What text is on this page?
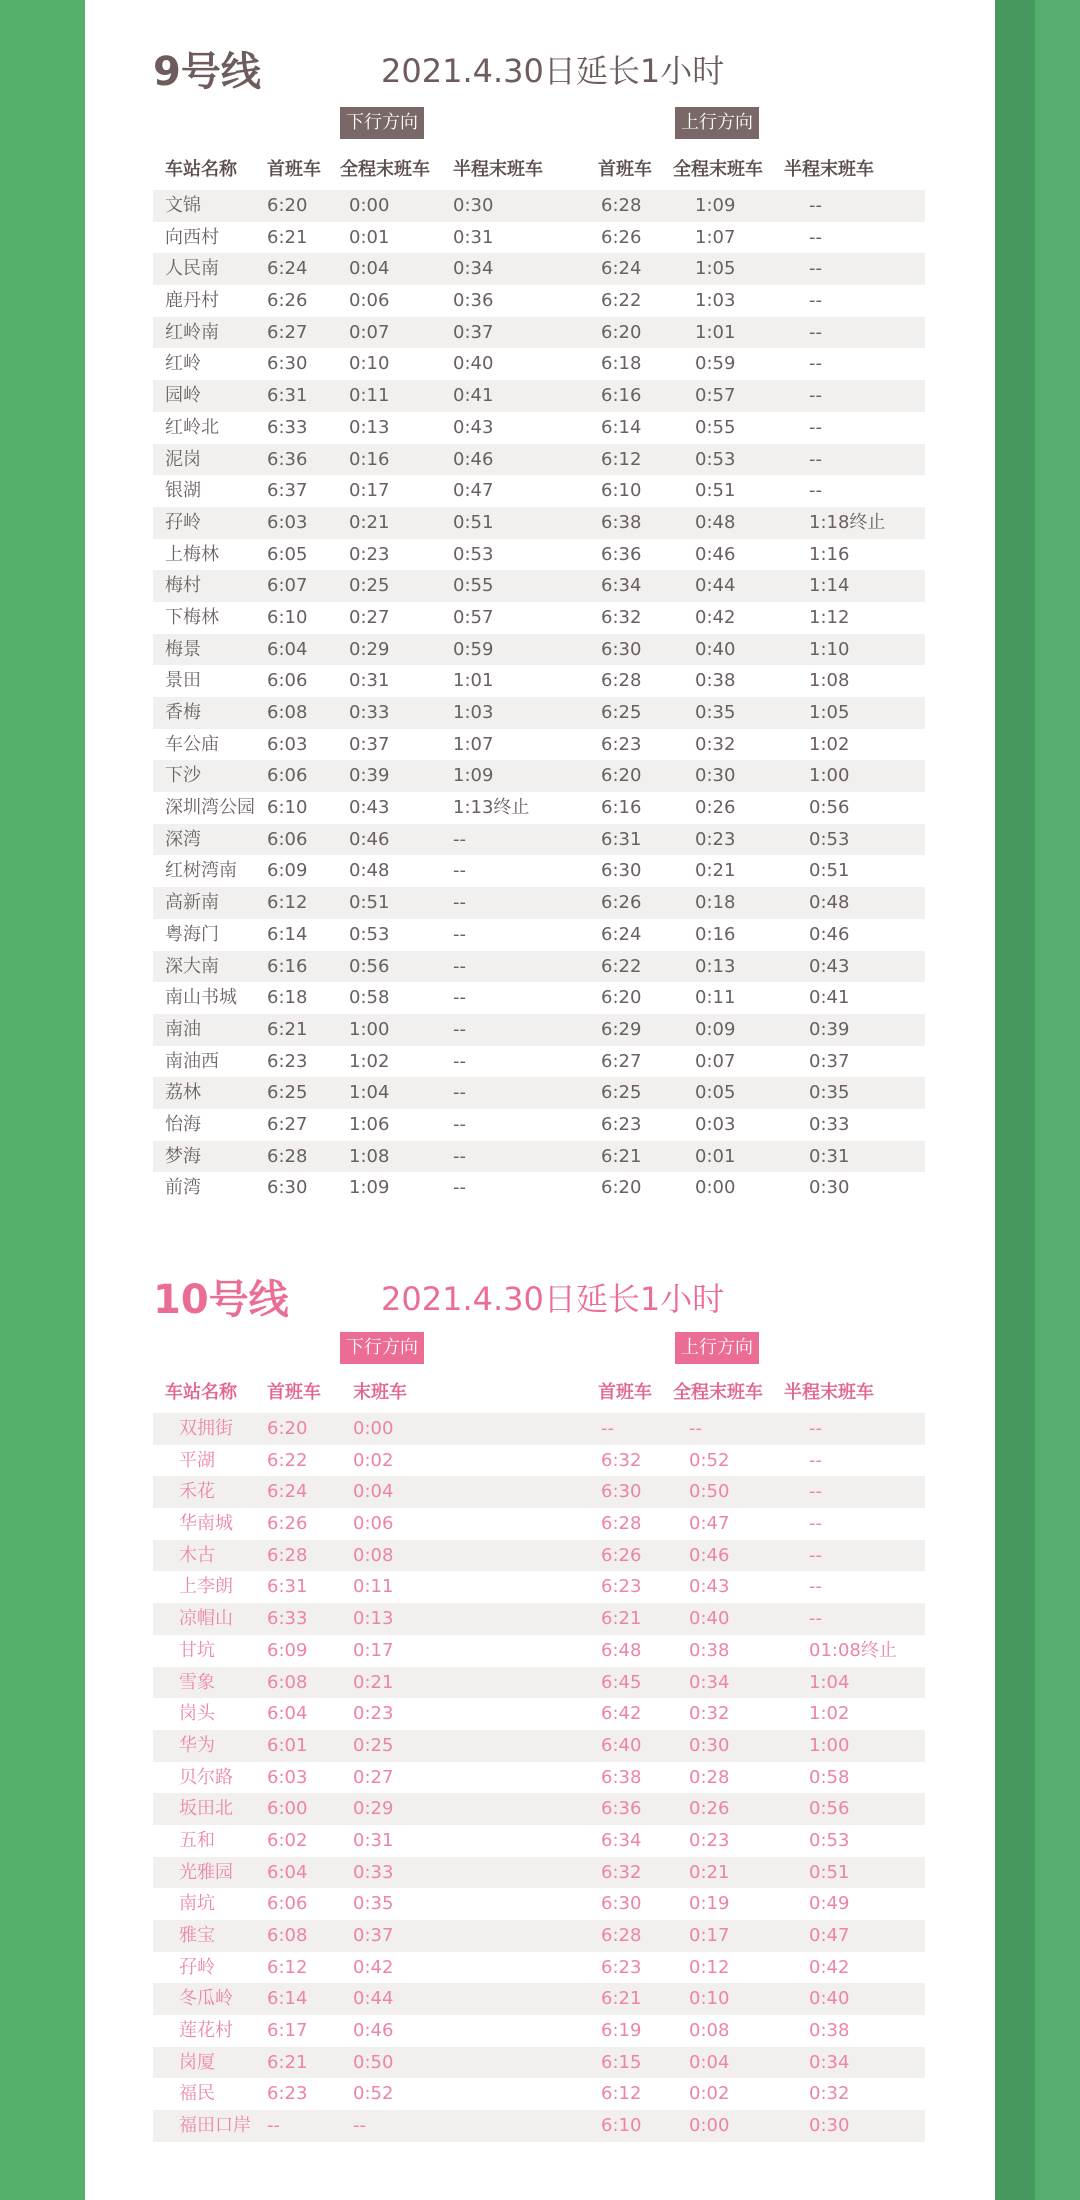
9号线	2021.4.30日延长1小时
下行方向	上行方向
车站名称 首班车 全程末班车 半程末班车	首班车 全程末班车 半程末班车
文锦	6:20 0:00	0:30	6:28	1:09	--
向西村	6:21 0:01	0:31	6:26	1:07	--
人民南	6:24 0:04	0:34	6:24	1:05	--
鹿丹村	6:26 0:06	0:36	6:22	1:03	--
红岭南	6:27 0:07	0:37	6:20	1:01	--
红岭	6:30 0:10	0:40	6:18	0:59	--
园岭	6:31 0:11	0:41	6:16	0:57	--
红岭北	6:33 0:13	0:43	6:14	0:55	--
泥岗	6:36 0:16	0:46	6:12	0:53	--
银湖	6:37 0:17	0:47	6:10	0:51	--
孖岭	6:03 0:21	0:51	6:38	0:48	1:18终止
上梅林	6:05 0:23	0:53	6:36	0:46	1:16
梅村	6:07 0:25	0:55	6:34	0:44	1:14
下梅林	6:10 0:27	0:57	6:32	0:42	1:12
梅景	6:04 0:29	0:59	6:30	0:40	1:10
景田	6:06 0:31	1:01	6:28	0:38	1:08
香梅	6:08 0:33	1:03	6:25	0:35	1:05
车公庙	6:03 0:37	1:07	6:23	0:32	1:02
下沙	6:06 0:39	1:09	6:20	0:30	1:00
深圳湾公园 6:10 0:43	1:13终止	6:16	0:26	0:56
深湾	6:06 0:46	--	6:31	0:23	0:53
红树湾南 6:09 0:48	--	6:30	0:21	0:51
高新南	6:12 0:51	--	6:26	0:18	0:48
粤海门	6:14 0:53	--	6:24	0:16	0:46
深大南	6:16 0:56	--	6:22	0:13	0:43
南山书城 6:18 0:58	--	6:20	0:11	0:41
南油	6:21 1:00	--	6:29	0:09	0:39
南油西	6:23 1:02	--	6:27	0:07	0:37
荔林	6:25 1:04	--	6:25	0:05	0:35
怡海	6:27 1:06	--	6:23	0:03	0:33
梦海	6:28 1:08	--	6:21	0:01	0:31
前湾	6:30 1:09	--	6:20	0:00	0:30
10号线	2021.4.30日延长1小时
下行方向	上行方向
车站名称 首班车 末班车	首班车 全程末班车 半程末班车
双拥街 6:20	0:00	--	--	--
平湖	6:22	0:02	6:32	0:52	--
禾花	6:24	0:04	6:30	0:50	--
华南城 6:26	0:06	6:28	0:47	--
木古	6:28	0:08	6:26	0:46	--
上李朗 6:31	0:11	6:23	0:43	--
凉帽山 6:33	0:13	6:21	0:40	--
甘坑	6:09	0:17	6:48	0:38	01:08终止
雪象	6:08	0:21	6:45	0:34	1:04
岗头	6:04	0:23	6:42	0:32	1:02
华为	6:01	0:25	6:40	0:30	1:00
贝尔路 6:03	0:27	6:38	0:28	0:58
坂田北 6:00	0:29	6:36	0:26	0:56
五和	6:02	0:31	6:34	0:23	0:53
光雅园 6:04	0:33	6:32	0:21	0:51
南坑	6:06	0:35	6:30	0:19	0:49
雅宝	6:08	0:37	6:28	0:17	0:47
孖岭	6:12	0:42	6:23	0:12	0:42
冬瓜岭 6:14	0:44	6:21	0:10	0:40
莲花村 6:17	0:46	6:19	0:08	0:38
岗厦	6:21	0:50	6:15	0:04	0:34
福民	6:23	0:52	6:12	0:02	0:32
福田口岸 --	--	6:10	0:00	0:30
